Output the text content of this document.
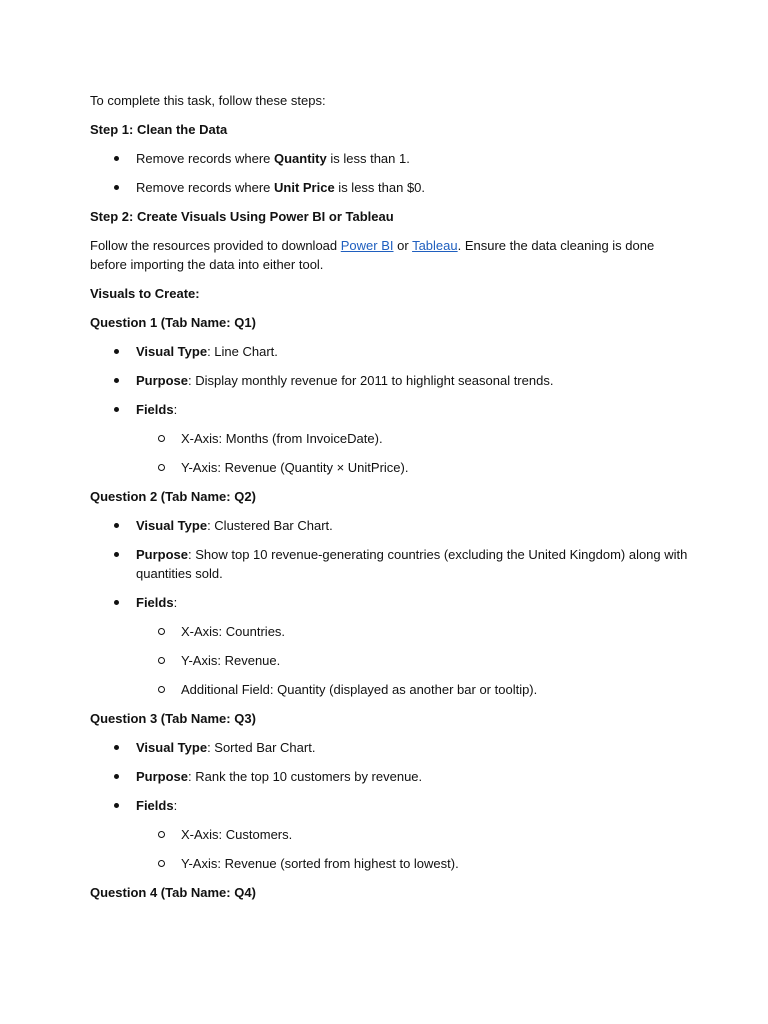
To complete this task, follow these steps:

Step 1: Clean the Data

Remove records where Quantity is less than 1.
Remove records where Unit Price is less than $0.

Step 2: Create Visuals Using Power BI or Tableau

Follow the resources provided to download Power BI or Tableau. Ensure the data cleaning is done before importing the data into either tool.

Visuals to Create:

Question 1 (Tab Name: Q1)

Visual Type: Line Chart.
Purpose: Display monthly revenue for 2011 to highlight seasonal trends.
Fields:
X-Axis: Months (from InvoiceDate).
Y-Axis: Revenue (Quantity × UnitPrice).

Question 2 (Tab Name: Q2)

Visual Type: Clustered Bar Chart.
Purpose: Show top 10 revenue-generating countries (excluding the United Kingdom) along with quantities sold.
Fields:
X-Axis: Countries.
Y-Axis: Revenue.
Additional Field: Quantity (displayed as another bar or tooltip).

Question 3 (Tab Name: Q3)

Visual Type: Sorted Bar Chart.
Purpose: Rank the top 10 customers by revenue.
Fields:
X-Axis: Customers.
Y-Axis: Revenue (sorted from highest to lowest).

Question 4 (Tab Name: Q4)
